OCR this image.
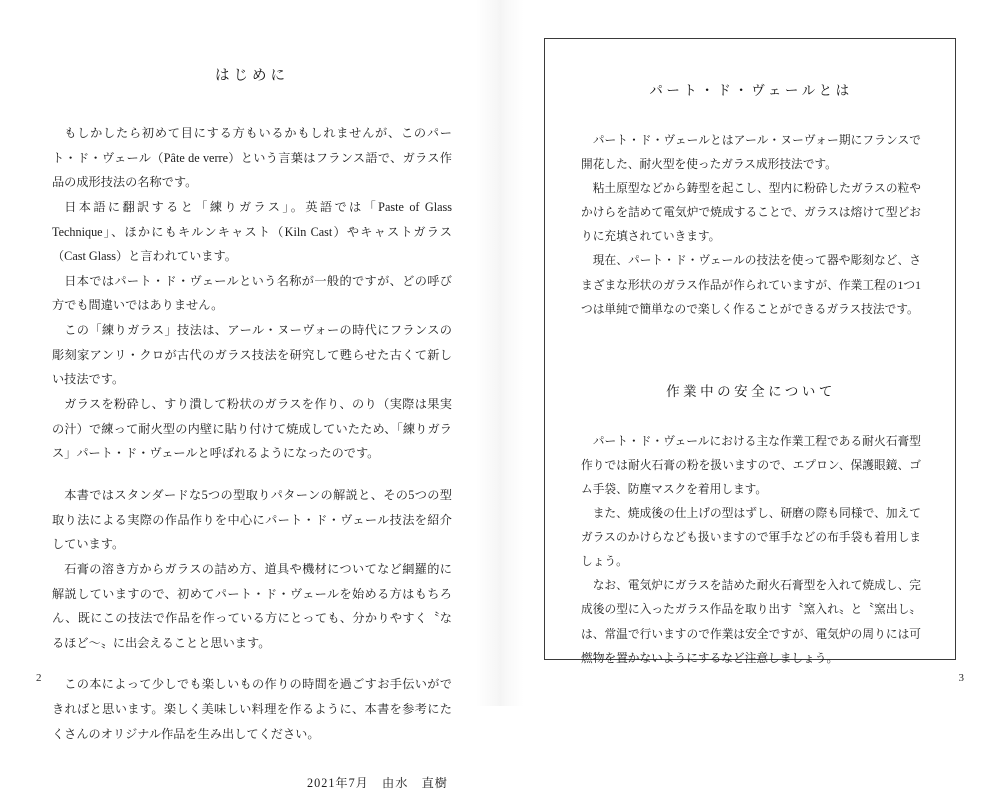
はじめに

もしかしたら初めて目にする方もいるかもしれませんが、このパート・ド・ヴェール（Pâte de verre）という言葉はフランス語で、ガラス作品の成形技法の名称です。

日本語に翻訳すると「練りガラス」。英語では「Paste of Glass Technique」、ほかにもキルンキャスト（Kiln Cast）やキャストガラス（Cast Glass）と言われています。

日本ではパート・ド・ヴェールという名称が一般的ですが、どの呼び方でも間違いではありません。

この「練りガラス」技法は、アール・ヌーヴォーの時代にフランスの彫刻家アンリ・クロが古代のガラス技法を研究して甦らせた古くて新しい技法です。

ガラスを粉砕し、すり潰して粉状のガラスを作り、のり（実際は果実の汁）で練って耐火型の内壁に貼り付けて焼成していたため、「練りガラス」パート・ド・ヴェールと呼ばれるようになったのです。

本書ではスタンダードな5つの型取りパターンの解説と、その5つの型取り法による実際の作品作りを中心にパート・ド・ヴェール技法を紹介しています。

石膏の溶き方からガラスの詰め方、道具や機材についてなど網羅的に解説していますので、初めてパート・ド・ヴェールを始める方はもちろん、既にこの技法で作品を作っている方にとっても、分かりやすく〝なるほど〜〟に出会えることと思います。

この本によって少しでも楽しいもの作りの時間を過ごすお手伝いができればと思います。楽しく美味しい料理を作るように、本書を参考にたくさんのオリジナル作品を生み出してください。

2021年7月　由水　直樹
2
パート・ド・ヴェールとは

パート・ド・ヴェールとはアール・ヌーヴォー期にフランスで開花した、耐火型を使ったガラス成形技法です。

粘土原型などから鋳型を起こし、型内に粉砕したガラスの粒やかけらを詰めて電気炉で焼成することで、ガラスは熔けて型どおりに充填されていきます。

現在、パート・ド・ヴェールの技法を使って器や彫刻など、さまざまな形状のガラス作品が作られていますが、作業工程の1つ1つは単純で簡単なので楽しく作ることができるガラス技法です。

作業中の安全について

パート・ド・ヴェールにおける主な作業工程である耐火石膏型作りでは耐火石膏の粉を扱いますので、エプロン、保護眼鏡、ゴム手袋、防塵マスクを着用します。

また、焼成後の仕上げの型はずし、研磨の際も同様で、加えてガラスのかけらなども扱いますので軍手などの布手袋も着用しましょう。

なお、電気炉にガラスを詰めた耐火石膏型を入れて焼成し、完成後の型に入ったガラス作品を取り出す〝窯入れ〟と〝窯出し〟は、常温で行いますので作業は安全ですが、電気炉の周りには可燃物を置かないようにするなど注意しましょう。

3
